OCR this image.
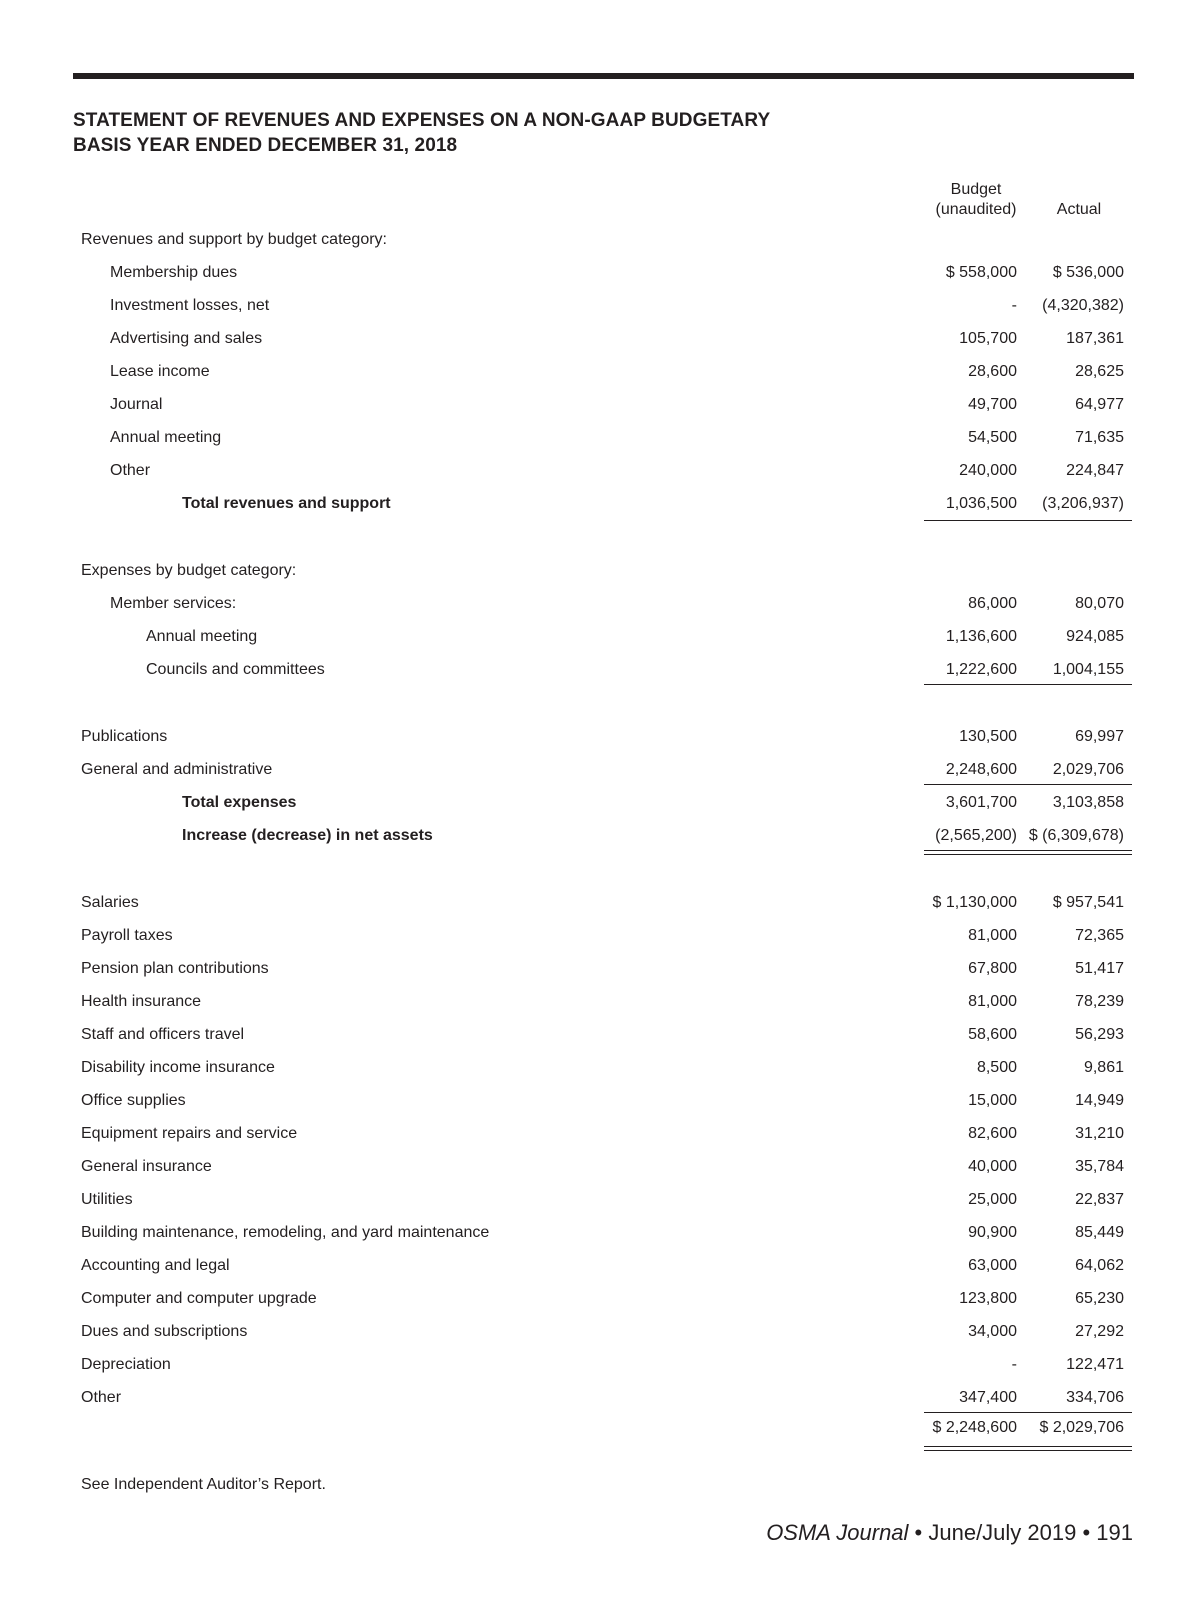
STATEMENT OF REVENUES AND EXPENSES ON A NON-GAAP BUDGETARY
BASIS YEAR ENDED DECEMBER 31, 2018
Budget
(unaudited)	Actual
Revenues and support by budget category:
Membership dues	$ 558,000 $ 536,000
Investment losses, net	- (4,320,382)
Advertising and sales	105,700	187,361
Lease income	28,600	28,625
Journal	49,700	64,977
Annual meeting	54,500	71,635
Other	240,000	224,847
Total revenues and support	1,036,500 (3,206,937)
Expenses by budget category:
Member services:	86,000	80,070
Annual meeting	1,136,600	924,085
Councils and committees	1,222,600 1,004,155
Publications	130,500	69,997
General and administrative	2,248,600 2,029,706
Total expenses	3,601,700 3,103,858
Increase (decrease) in net assets	(2,565,200) $ (6,309,678)
Salaries	$ 1,130,000 $ 957,541
Payroll taxes	81,000	72,365
Pension plan contributions	67,800	51,417
Health insurance	81,000	78,239
Staff and officers travel	58,600	56,293
Disability income insurance	8,500	9,861
Office supplies	15,000	14,949
Equipment repairs and service	82,600	31,210
General insurance	40,000	35,784
Utilities	25,000	22,837
Building maintenance, remodeling, and yard maintenance	90,900	85,449
Accounting and legal	63,000	64,062
Computer and computer upgrade	123,800	65,230
Dues and subscriptions	34,000	27,292
Depreciation	-	122,471
Other	347,400	334,706
$ 2,248,600 $ 2,029,706
See Independent Auditor’s Report.
OSMA Journal • June/July 2019 • 191
